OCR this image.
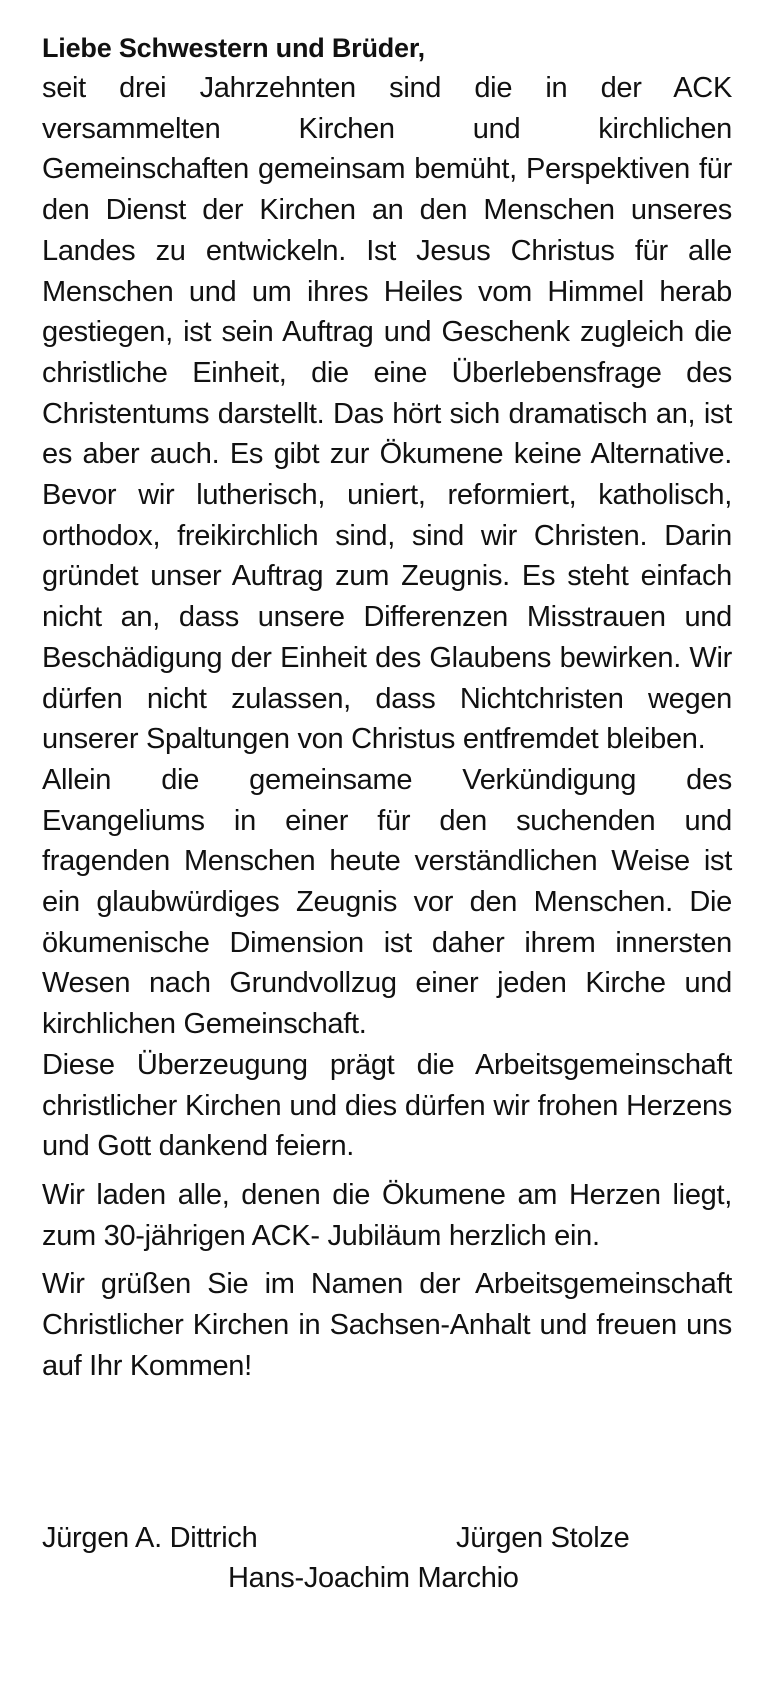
Liebe Schwestern und Brüder,

seit drei Jahrzehnten sind die in der ACK versammelten Kirchen und kirchlichen Gemeinschaften gemeinsam bemüht, Perspektiven für den Dienst der Kirchen an den Menschen unseres Landes zu entwickeln. Ist Jesus Christus für alle Menschen und um ihres Heiles vom Himmel herab gestiegen, ist sein Auftrag und Geschenk zugleich die christliche Einheit, die eine Überlebensfrage des Christentums darstellt. Das hört sich dramatisch an, ist es aber auch. Es gibt zur Ökumene keine Alternative. Bevor wir lutherisch, uniert, reformiert, katholisch, orthodox, freikirchlich sind, sind wir Christen. Darin gründet unser Auftrag zum Zeugnis. Es steht einfach nicht an, dass unsere Differenzen Misstrauen und Beschädigung der Einheit des Glaubens bewirken. Wir dürfen nicht zulassen, dass Nichtchristen wegen unserer Spaltungen von Christus entfremdet bleiben.

Allein die gemeinsame Verkündigung des Evangeliums in einer für den suchenden und fragenden Menschen heute verständlichen Weise ist ein glaubwürdiges Zeugnis vor den Menschen. Die ökumenische Dimension ist daher ihrem innersten Wesen nach Grundvollzug einer jeden Kirche und kirchlichen Gemeinschaft.

Diese Überzeugung prägt die Arbeitsgemeinschaft christlicher Kirchen und dies dürfen wir frohen Herzens und Gott dankend feiern.

Wir laden alle, denen die Ökumene am Herzen liegt, zum 30-jährigen ACK- Jubiläum herzlich ein.

Wir grüßen Sie im Namen der Arbeitsgemeinschaft Christlicher Kirchen in Sachsen-Anhalt und freuen uns auf Ihr Kommen!

Jürgen A. Dittrich	Jürgen Stolze
Hans-Joachim Marchio
